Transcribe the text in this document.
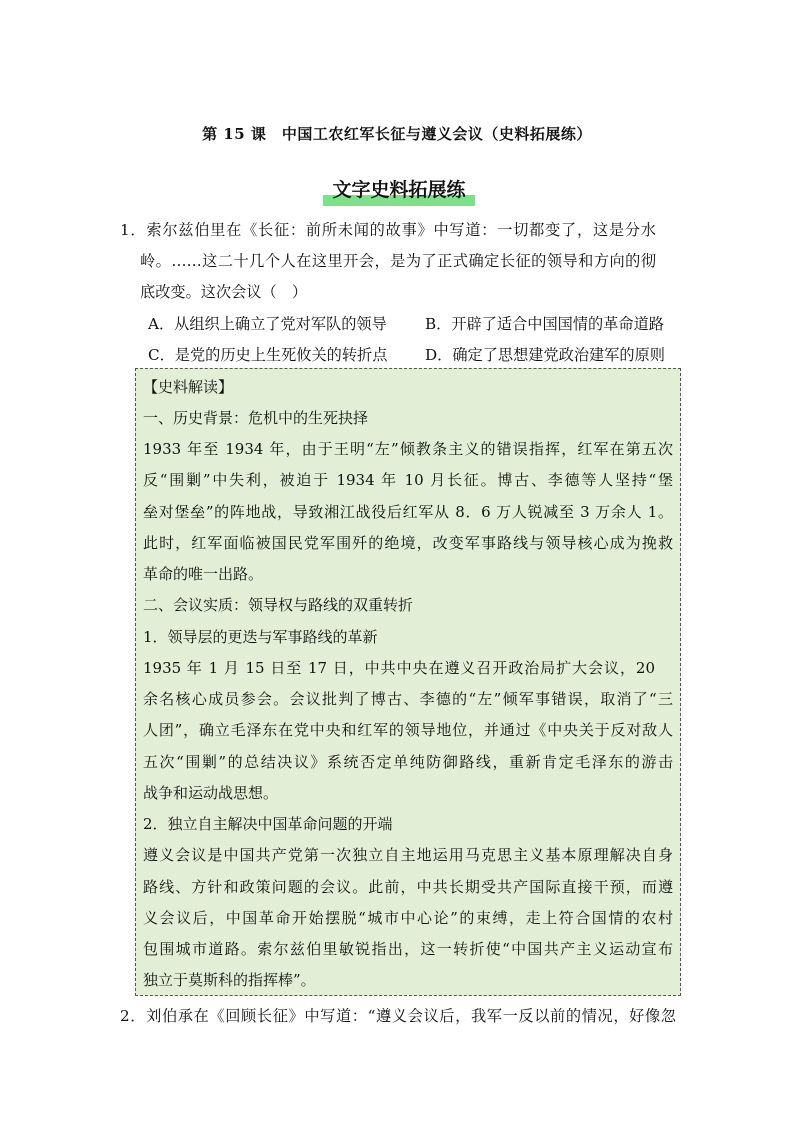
第 15 课　中国工农红军长征与遵义会议（史料拓展练）
文字史料拓展练
1．索尔兹伯里在《长征：前所未闻的故事》中写道：一切都变了，这是分水
岭。……这二十几个人在这里开会，是为了正式确定长征的领导和方向的彻
底改变。这次会议（　）
A．从组织上确立了党对军队的领导	B．开辟了适合中国国情的革命道路
C．是党的历史上生死攸关的转折点 D．确定了思想建党政治建军的原则
【史料解读】
一、历史背景：危机中的生死抉择
1933 年至 1934 年，由于王明“左”倾教条主义的错误指挥，红军在第五次
反“围剿”中失利，被迫于 1934 年 10 月长征。博古、李德等人坚持“堡
垒对堡垒”的阵地战，导致湘江战役后红军从 8．6 万人锐减至 3 万余人 1。
此时，红军面临被国民党军围歼的绝境，改变军事路线与领导核心成为挽救
革命的唯一出路。
二、会议实质：领导权与路线的双重转折
1．领导层的更迭与军事路线的革新
1935 年 1 月 15 日至 17 日，中共中央在遵义召开政治局扩大会议，20
余名核心成员参会。会议批判了博古、李德的“左”倾军事错误，取消了“三
人团”，确立毛泽东在党中央和红军的领导地位，并通过《中央关于反对敌人
五次“围剿”的总结决议》系统否定单纯防御路线，重新肯定毛泽东的游击
战争和运动战思想。
2．独立自主解决中国革命问题的开端
遵义会议是中国共产党第一次独立自主地运用马克思主义基本原理解决自身
路线、方针和政策问题的会议。此前，中共长期受共产国际直接干预，而遵
义会议后，中国革命开始摆脱“城市中心论”的束缚，走上符合国情的农村
包围城市道路。索尔兹伯里敏锐指出，这一转折使“中国共产主义运动宣布
独立于莫斯科的指挥棒”。
2．刘伯承在《回顾长征》中写道：“遵义会议后，我军一反以前的情况，好像忽
